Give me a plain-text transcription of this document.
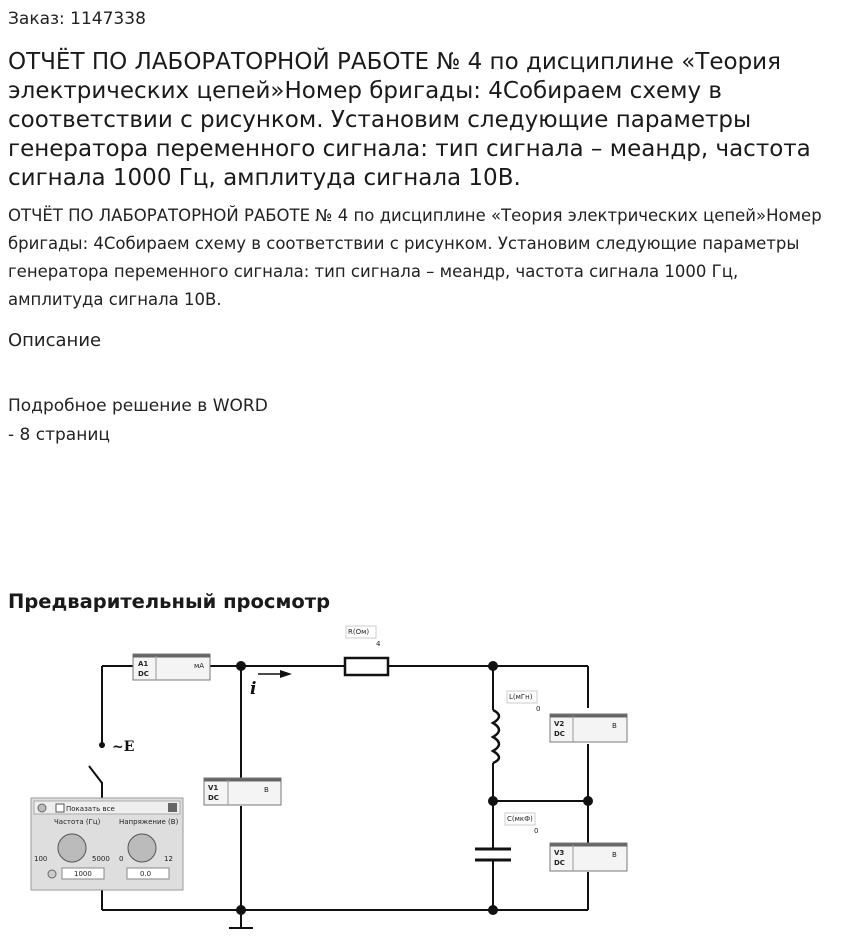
Заказ: 1147338
ОТЧЁТ ПО ЛАБОРАТОРНОЙ РАБОТЕ № 4 по дисциплине «Теория электрических цепей»Номер бригады: 4Собираем схему в соответствии с рисунком. Установим следующие параметры генератора переменного сигнала: тип сигнала – меандр, частота сигнала 1000 Гц, амплитуда сигнала 10В.
ОТЧЁТ ПО ЛАБОРАТОРНОЙ РАБОТЕ № 4 по дисциплине «Теория электрических цепей»Номер бригады: 4Собираем схему в соответствии с рисунком. Установим следующие параметры генератора переменного сигнала: тип сигнала – меандр, частота сигнала 1000 Гц, амплитуда сигнала 10В.
Описание
Подробное решение в WORD - 8 страниц
Предварительный просмотр
R(Ом)
4
i
~E
L(мГн)
0
C(мкФ)
0
A1
DC
мА
V1
DC
В
V2
DC
В
V3
DC
В
Показать все
Частота (Гц)	Напряжение (В)
100	5000 0	12
1000	0.0
